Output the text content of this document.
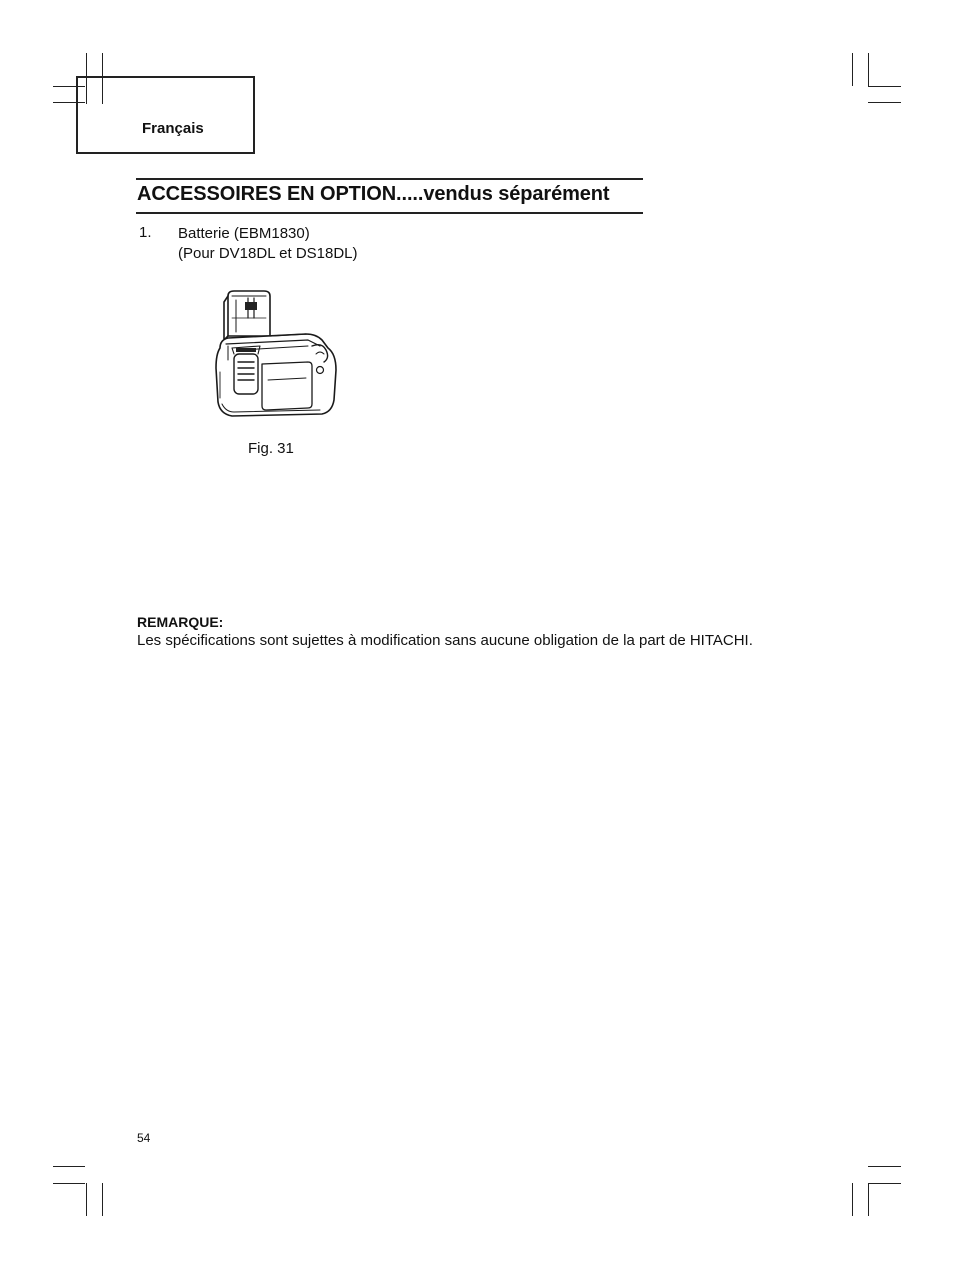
Français
ACCESSOIRES EN OPTION.....vendus séparément
1. Batterie (EBM1830)
(Pour DV18DL et DS18DL)
Fig. 31
REMARQUE:
Les spécifications sont sujettes à modification sans aucune obligation de la part de HITACHI.
54
